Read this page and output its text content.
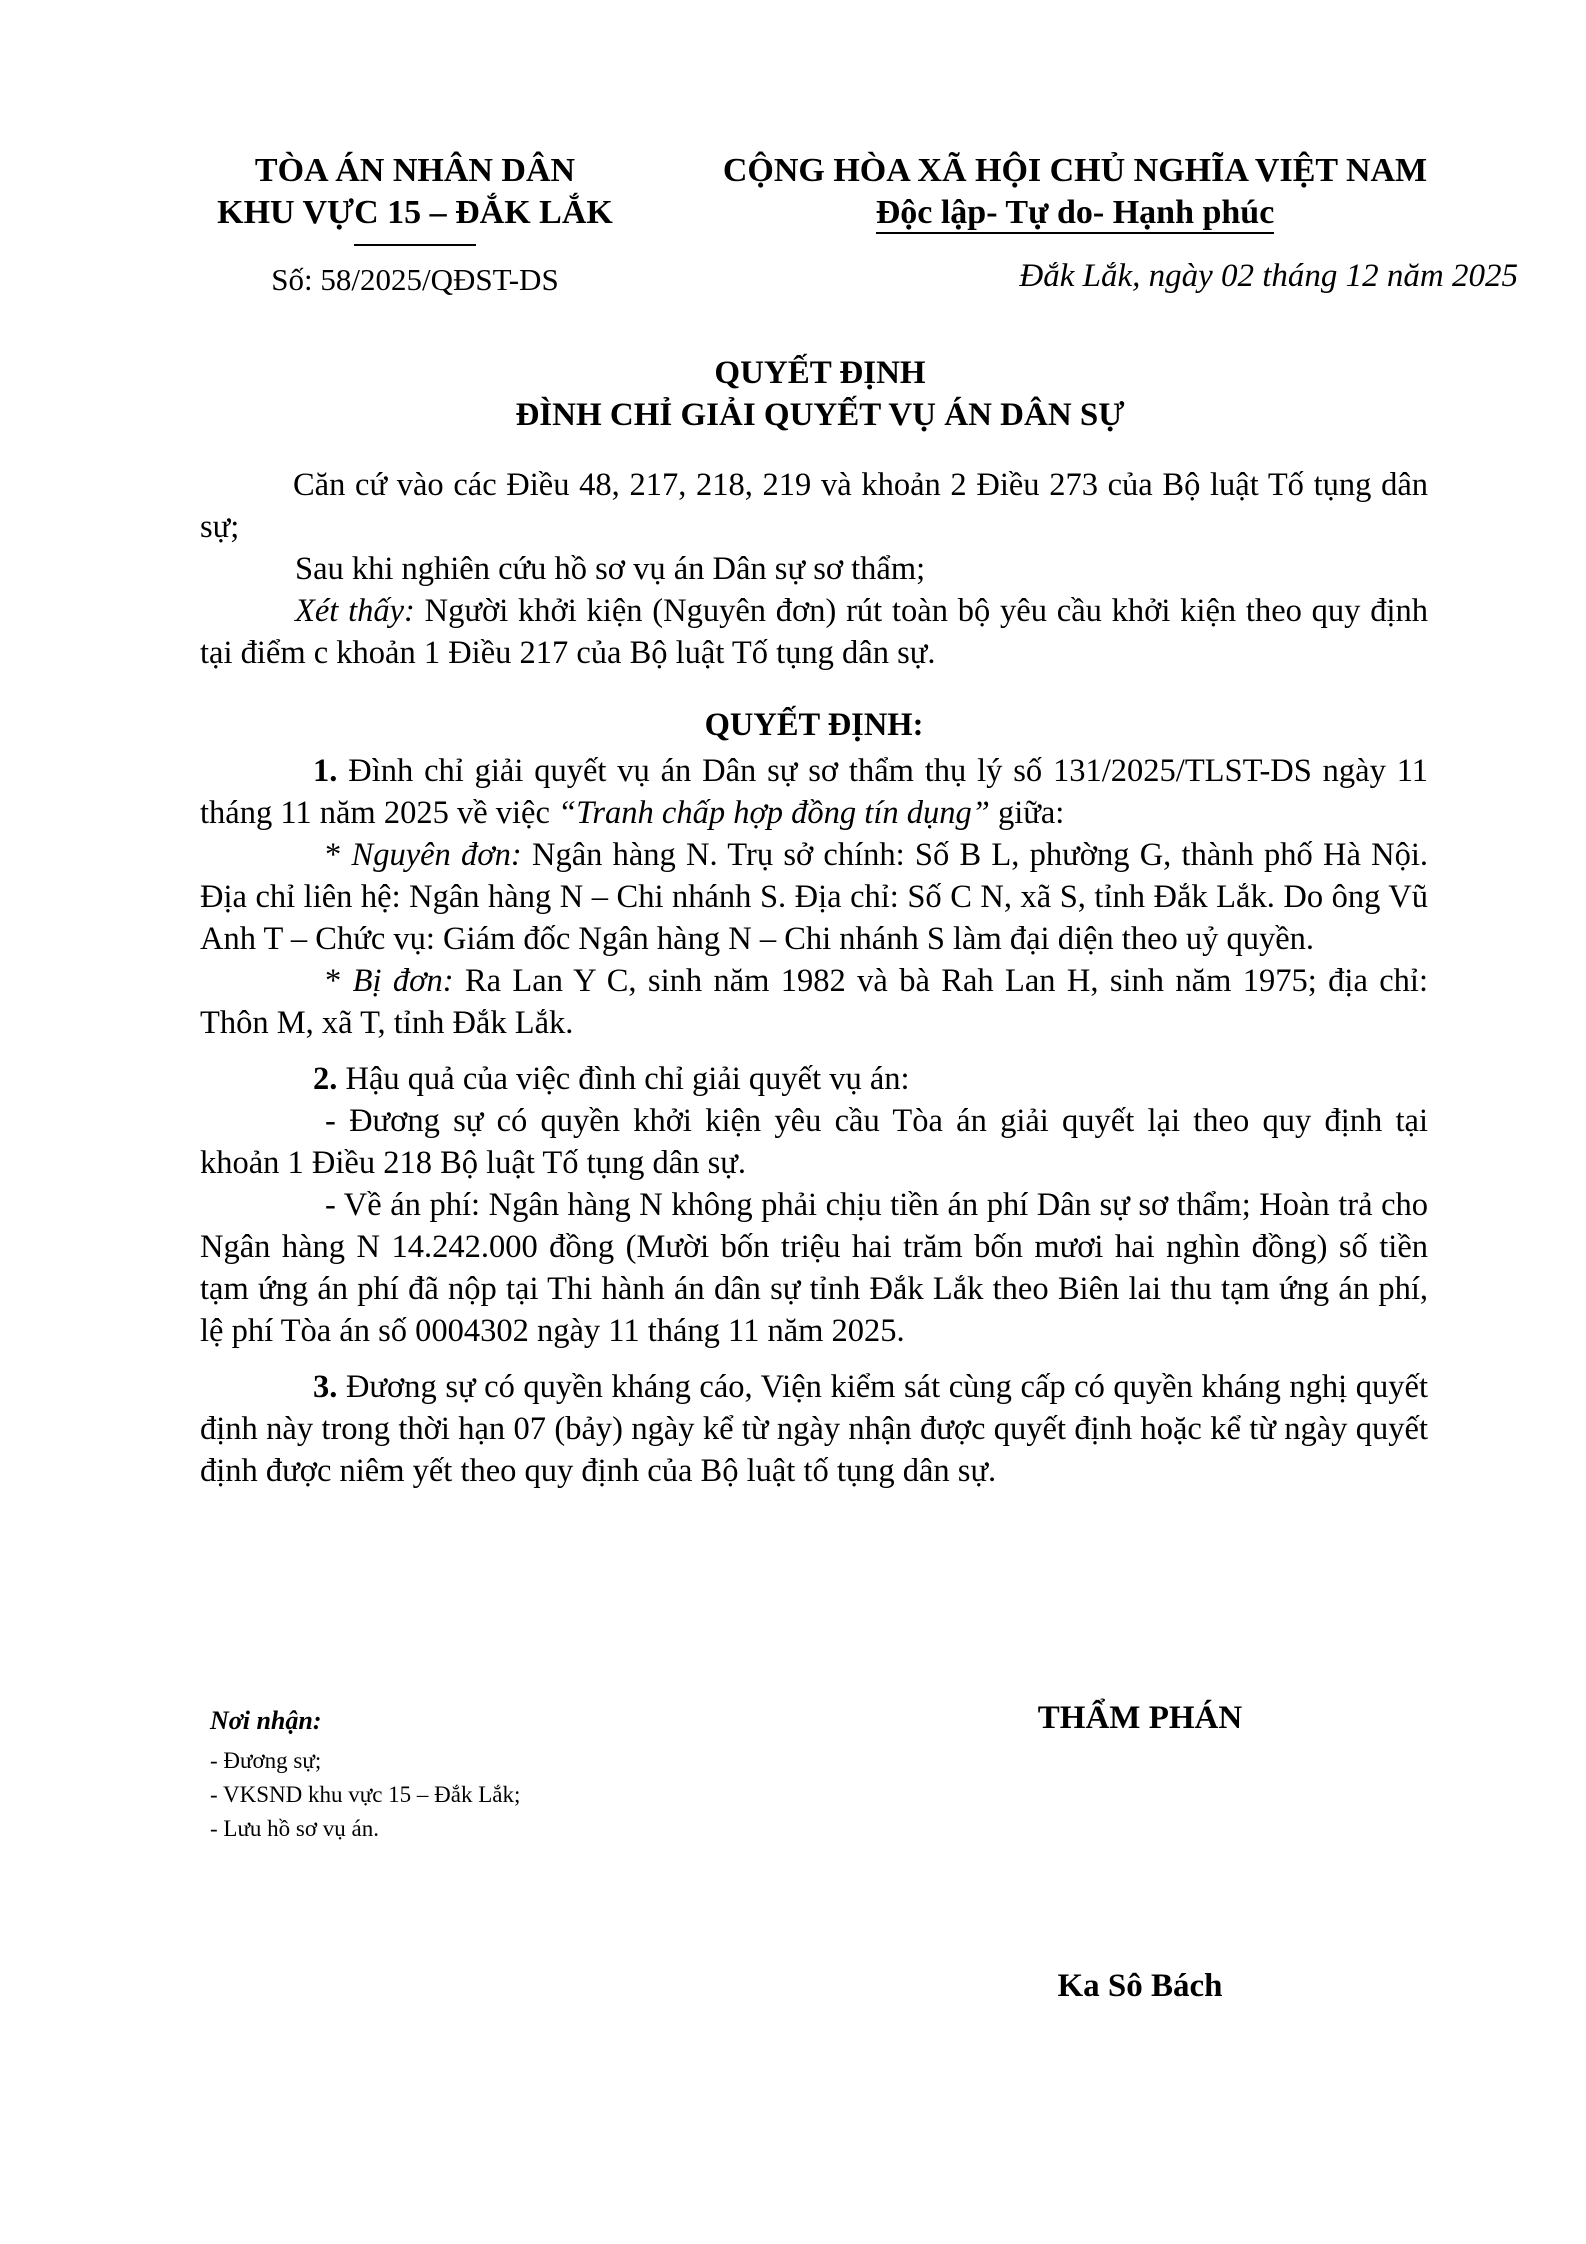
TÒA ÁN NHÂN DÂN
KHU VỰC 15 – ĐẮK LẮK
Số: 58/2025/QĐST-DS
CỘNG HÒA XÃ HỘI CHỦ NGHĨA VIỆT NAM
Độc lập- Tự do- Hạnh phúc
Đắk Lắk, ngày 02 tháng 12 năm 2025
QUYẾT ĐỊNH
ĐÌNH CHỈ GIẢI QUYẾT VỤ ÁN DÂN SỰ

Căn cứ vào các Điều 48, 217, 218, 219 và khoản 2 Điều 273 của Bộ luật Tố tụng dân sự;

Sau khi nghiên cứu hồ sơ vụ án Dân sự sơ thẩm;

Xét thấy: Người khởi kiện (Nguyên đơn) rút toàn bộ yêu cầu khởi kiện theo quy định tại điểm c khoản 1 Điều 217 của Bộ luật Tố tụng dân sự.

QUYẾT ĐỊNH:

1. Đình chỉ giải quyết vụ án Dân sự sơ thẩm thụ lý số 131/2025/TLST-DS ngày 11 tháng 11 năm 2025 về việc “Tranh chấp hợp đồng tín dụng” giữa:

* Nguyên đơn: Ngân hàng N. Trụ sở chính: Số B L, phường G, thành phố Hà Nội. Địa chỉ liên hệ: Ngân hàng N – Chi nhánh S. Địa chỉ: Số C N, xã S, tỉnh Đắk Lắk. Do ông Vũ Anh T – Chức vụ: Giám đốc Ngân hàng N – Chi nhánh S làm đại diện theo uỷ quyền.

* Bị đơn: Ra Lan Y C, sinh năm 1982 và bà Rah Lan H, sinh năm 1975; địa chỉ: Thôn M, xã T, tỉnh Đắk Lắk.

2. Hậu quả của việc đình chỉ giải quyết vụ án:

- Đương sự có quyền khởi kiện yêu cầu Tòa án giải quyết lại theo quy định tại khoản 1 Điều 218 Bộ luật Tố tụng dân sự.

- Về án phí: Ngân hàng N không phải chịu tiền án phí Dân sự sơ thẩm; Hoàn trả cho Ngân hàng N 14.242.000 đồng (Mười bốn triệu hai trăm bốn mươi hai nghìn đồng) số tiền tạm ứng án phí đã nộp tại Thi hành án dân sự tỉnh Đắk Lắk theo Biên lai thu tạm ứng án phí, lệ phí Tòa án số 0004302 ngày 11 tháng 11 năm 2025.

3. Đương sự có quyền kháng cáo, Viện kiểm sát cùng cấp có quyền kháng nghị quyết định này trong thời hạn 07 (bảy) ngày kể từ ngày nhận được quyết định hoặc kể từ ngày quyết định được niêm yết theo quy định của Bộ luật tố tụng dân sự.

Nơi nhận:
- Đương sự;
- VKSND khu vực 15 – Đắk Lắk;
- Lưu hồ sơ vụ án.
THẨM PHÁN
Ka Sô Bách
